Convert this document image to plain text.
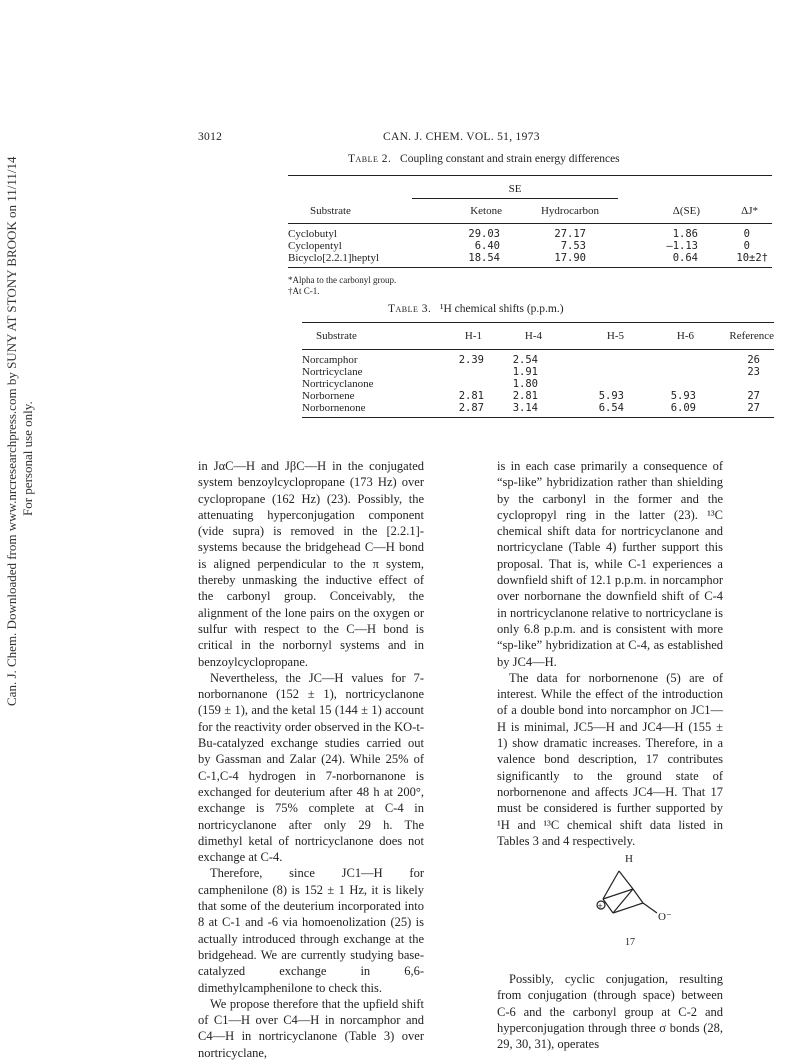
Can. J. Chem. Downloaded from www.nrcresearchpress.com by SUNY AT STONY BROOK on 11/11/14 For personal use only.
3012	CAN. J. CHEM. VOL. 51, 1973
Table 2. Coupling constant and strain energy differences
	SE			

Substrate	Ketone	Hydrocarbon	Δ(SE)	ΔJ*
Cyclobutyl	29.03	27.17	1.86	0
Cyclopentyl	6.40	7.53	—1.13	0
Bicyclo[2.2.1]heptyl	18.54	17.90	0.64	10±2†
*Alpha to the carbonyl group.
†At C-1.
Table 3. ¹H chemical shifts (p.p.m.)
Substrate	H-1	H-4	H-5	H-6	Reference
Norcamphor	2.39	2.54			26
Nortricyclane		1.91			23
Nortricyclanone		1.80			
Norbornene	2.81	2.81	5.93	5.93	27
Norbornenone	2.87	3.14	6.54	6.09	27

in JαC—H and JβC—H in the conjugated system benzoylcyclopropane (173 Hz) over cyclopropane (162 Hz) (23). Possibly, the attenuating hyperconjugation component (vide supra) is removed in the [2.2.1]-systems because the bridgehead C—H bond is aligned perpendicular to the π system, thereby unmasking the inductive effect of the carbonyl group. Conceivably, the alignment of the lone pairs on the oxygen or sulfur with respect to the C—H bond is critical in the norbornyl systems and in benzoylcyclopropane.

Nevertheless, the JC—H values for 7-norbornanone (152 ± 1), nortricyclanone (159 ± 1), and the ketal 15 (144 ± 1) account for the reactivity order observed in the KO-t-Bu-catalyzed exchange studies carried out by Gassman and Zalar (24). While 25% of C-1,C-4 hydrogen in 7-norbornanone is exchanged for deuterium after 48 h at 200°, exchange is 75% complete at C-4 in nortricyclanone after only 29 h. The dimethyl ketal of nortricyclanone does not exchange at C-4.

Therefore, since JC1—H for camphenilone (8) is 152 ± 1 Hz, it is likely that some of the deuterium incorporated into 8 at C-1 and -6 via homoenolization (25) is actually introduced through exchange at the bridgehead. We are currently studying base-catalyzed exchange in 6,6-dimethylcamphenilone to check this.

We propose therefore that the upfield shift of C1—H over C4—H in norcamphor and C4—H in nortricyclanone (Table 3) over nortricyclane,

is in each case primarily a consequence of “sp-like” hybridization rather than shielding by the carbonyl in the former and the cyclopropyl ring in the latter (23). ¹³C chemical shift data for nortricyclanone and nortricyclane (Table 4) further support this proposal. That is, while C-1 experiences a downfield shift of 12.1 p.p.m. in norcamphor over norbornane the downfield shift of C-4 in nortricyclanone relative to nortricyclane is only 6.8 p.p.m. and is consistent with more “sp-like” hybridization at C-4, as established by JC4—H.

The data for norbornenone (5) are of interest. While the effect of the introduction of a double bond into norcamphor on JC1—H is minimal, JC5—H and JC4—H (155 ± 1) show dramatic increases. Therefore, in a valence bond description, 17 contributes significantly to the ground state of norbornenone and affects JC4—H. That 17 must be considered is further supported by ¹H and ¹³C chemical shift data listed in Tables 3 and 4 respectively.

+
H
O⁻
17

Possibly, cyclic conjugation, resulting from conjugation (through space) between C-6 and the carbonyl group at C-2 and hyperconjugation through three σ bonds (28, 29, 30, 31), operates
